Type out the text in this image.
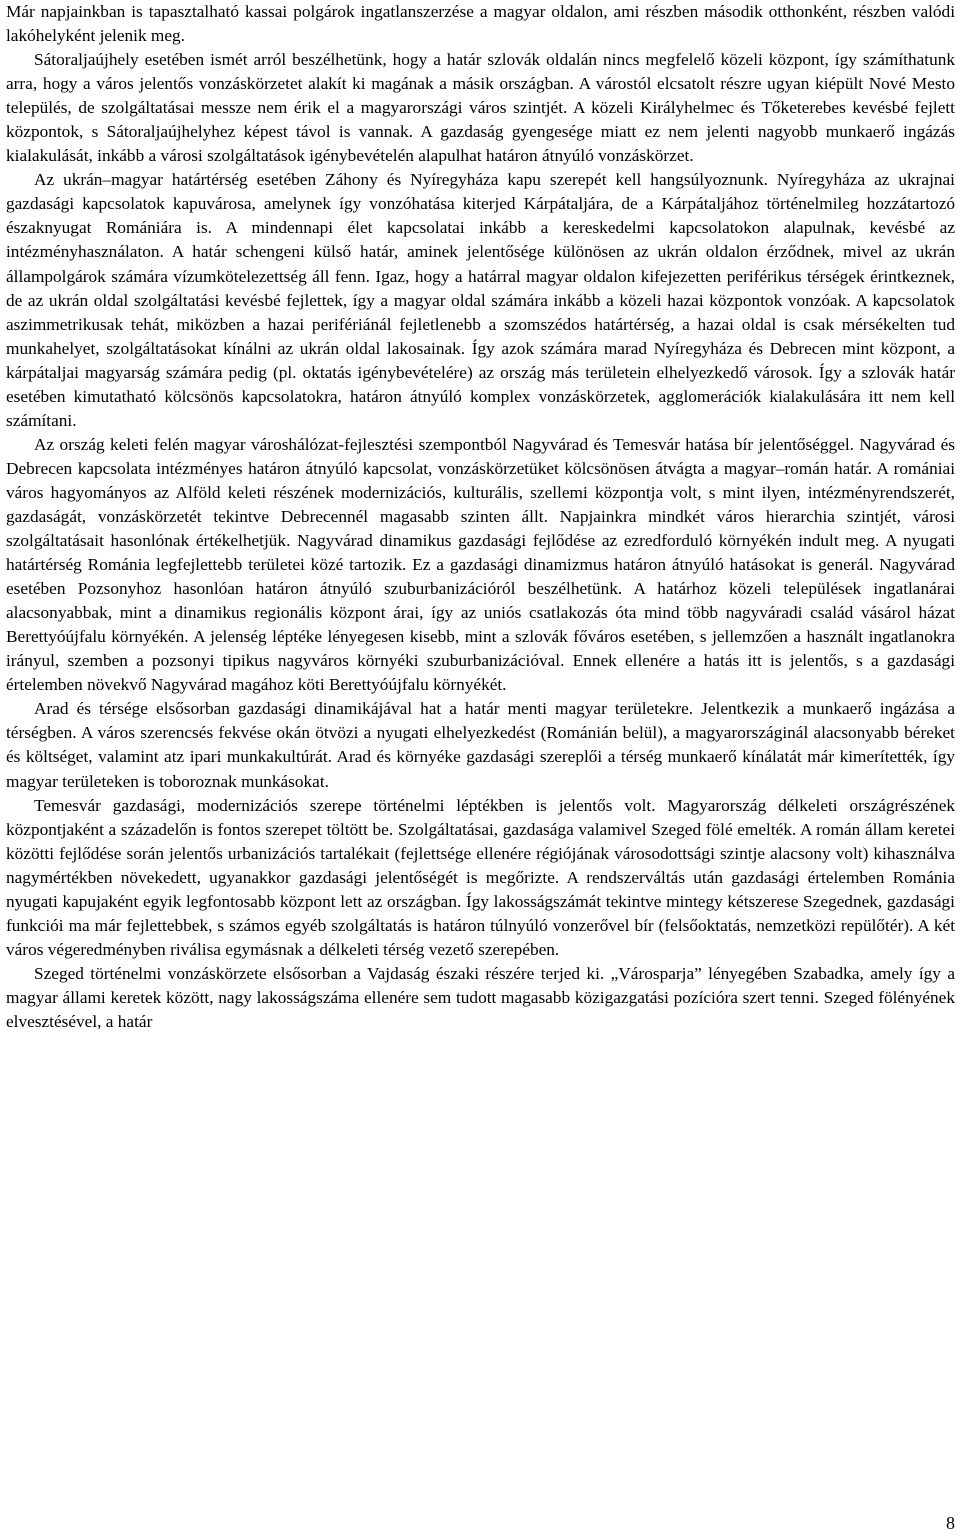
Már napjainkban is tapasztalható kassai polgárok ingatlanszerzése a magyar oldalon, ami részben második otthonként, részben valódi lakóhelyként jelenik meg.

Sátoraljaújhely esetében ismét arról beszélhetünk, hogy a határ szlovák oldalán nincs megfelelő közeli központ, így számíthatunk arra, hogy a város jelentős vonzáskörzetet alakít ki magának a másik országban. A várostól elcsatolt részre ugyan kiépült Nové Mesto település, de szolgáltatásai messze nem érik el a magyarországi város szintjét. A közeli Királyhelmec és Tőketerebes kevésbé fejlett központok, s Sátoraljaújhelyhez képest távol is vannak. A gazdaság gyengesége miatt ez nem jelenti nagyobb munkaerő ingázás kialakulását, inkább a városi szolgáltatások igénybevételén alapulhat határon átnyúló vonzáskörzet.

Az ukrán–magyar határtérség esetében Záhony és Nyíregyháza kapu szerepét kell hangsúlyoznunk. Nyíregyháza az ukrajnai gazdasági kapcsolatok kapuvárosa, amelynek így vonzóhatása kiterjed Kárpátaljára, de a Kárpátaljához történelmileg hozzátartozó északnyugat Romániára is. A mindennapi élet kapcsolatai inkább a kereskedelmi kapcsolatokon alapulnak, kevésbé az intézményhasználaton. A határ schengeni külső határ, aminek jelentősége különösen az ukrán oldalon érződnek, mivel az ukrán állampolgárok számára vízumkötelezettség áll fenn. Igaz, hogy a határral magyar oldalon kifejezetten periférikus térségek érintkeznek, de az ukrán oldal szolgáltatási kevésbé fejlettek, így a magyar oldal számára inkább a közeli hazai központok vonzóak. A kapcsolatok aszimmetrikusak tehát, miközben a hazai perifériánál fejletlenebb a szomszédos határtérség, a hazai oldal is csak mérsékelten tud munkahelyet, szolgáltatásokat kínálni az ukrán oldal lakosainak. Így azok számára marad Nyíregyháza és Debrecen mint központ, a kárpátaljai magyarság számára pedig (pl. oktatás igénybevételére) az ország más területein elhelyezkedő városok. Így a szlovák határ esetében kimutatható kölcsönös kapcsolatokra, határon átnyúló komplex vonzáskörzetek, agglomerációk kialakulására itt nem kell számítani.

Az ország keleti felén magyar városhálózat-fejlesztési szempontból Nagyvárad és Temesvár hatása bír jelentőséggel. Nagyvárad és Debrecen kapcsolata intézményes határon átnyúló kapcsolat, vonzáskörzetüket kölcsönösen átvágta a magyar–román határ. A romániai város hagyományos az Alföld keleti részének modernizációs, kulturális, szellemi központja volt, s mint ilyen, intézményrendszerét, gazdaságát, vonzáskörzetét tekintve Debrecennél magasabb szinten állt. Napjainkra mindkét város hierarchia szintjét, városi szolgáltatásait hasonlónak értékelhetjük. Nagyvárad dinamikus gazdasági fejlődése az ezredforduló környékén indult meg. A nyugati határtérség Románia legfejlettebb területei közé tartozik. Ez a gazdasági dinamizmus határon átnyúló hatásokat is generál. Nagyvárad esetében Pozsonyhoz hasonlóan határon átnyúló szuburbanizációról beszélhetünk. A határhoz közeli települések ingatlanárai alacsonyabbak, mint a dinamikus regionális központ árai, így az uniós csatlakozás óta mind több nagyváradi család vásárol házat Berettyóújfalu környékén. A jelenség léptéke lényegesen kisebb, mint a szlovák főváros esetében, s jellemzően a használt ingatlanokra irányul, szemben a pozsonyi tipikus nagyváros környéki szuburbanizációval. Ennek ellenére a hatás itt is jelentős, s a gazdasági értelemben növekvő Nagyvárad magához köti Berettyóújfalu környékét.

Arad és térsége elsősorban gazdasági dinamikájával hat a határ menti magyar területekre. Jelentkezik a munkaerő ingázása a térségben. A város szerencsés fekvése okán ötvözi a nyugati elhelyezkedést (Románián belül), a magyarországinál alacsonyabb béreket és költséget, valamint atz ipari munkakultúrát. Arad és környéke gazdasági szereplői a térség munkaerő kínálatát már kimerítették, így magyar területeken is toboroznak munkásokat.

Temesvár gazdasági, modernizációs szerepe történelmi léptékben is jelentős volt. Magyarország délkeleti országrészének központjaként a századelőn is fontos szerepet töltött be. Szolgáltatásai, gazdasága valamivel Szeged fölé emelték. A román állam keretei közötti fejlődése során jelentős urbanizációs tartalékait (fejlettsége ellenére régiójának városodottsági szintje alacsony volt) kihasználva nagymértékben növekedett, ugyanakkor gazdasági jelentőségét is megőrizte. A rendszerváltás után gazdasági értelemben Románia nyugati kapujaként egyik legfontosabb központ lett az országban. Így lakosságszámát tekintve mintegy kétszerese Szegednek, gazdasági funkciói ma már fejlettebbek, s számos egyéb szolgáltatás is határon túlnyúló vonzerővel bír (felsőoktatás, nemzetközi repülőtér). A két város végeredményben riválisa egymásnak a délkeleti térség vezető szerepében.

Szeged történelmi vonzáskörzete elsősorban a Vajdaság északi részére terjed ki. „Városparja” lényegében Szabadka, amely így a magyar állami keretek között, nagy lakosságszáma ellenére sem tudott magasabb közigazgatási pozícióra szert tenni. Szeged fölényének elvesztésével, a határ

8
